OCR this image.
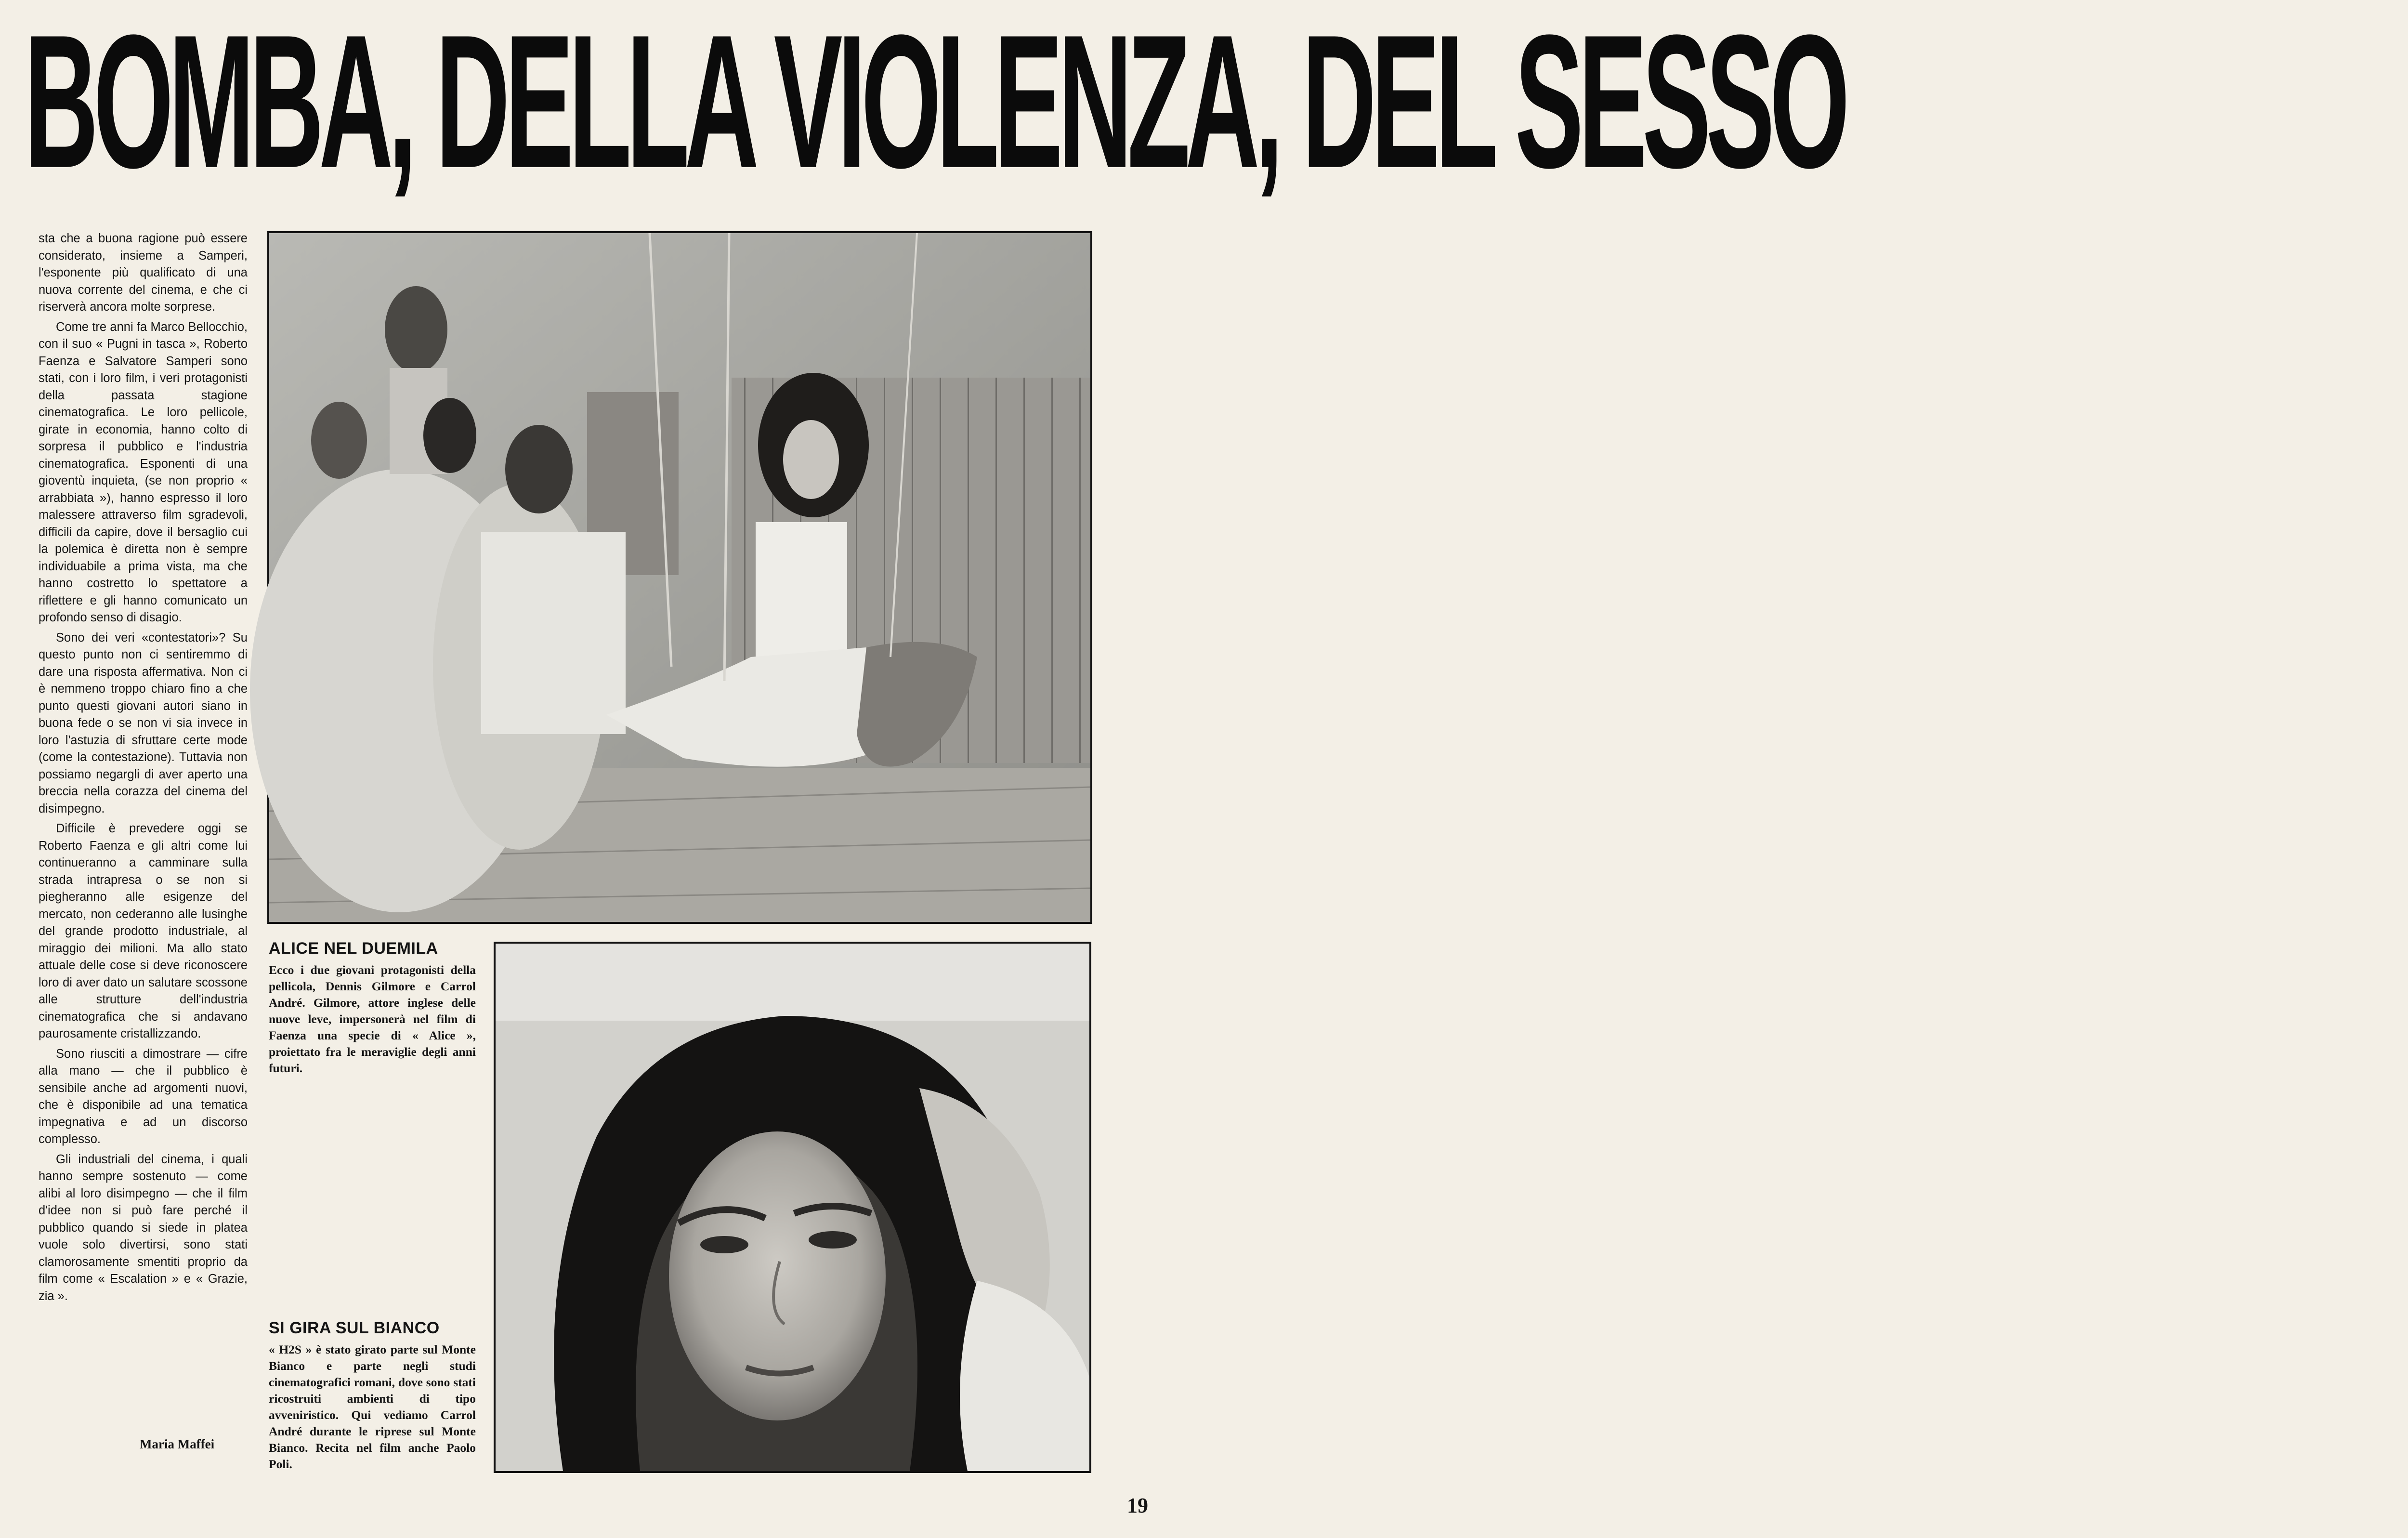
BOMBA, DELLA VIOLENZA, DEL SESSO

sta che a buona ragione può essere considerato, insieme a Samperi, l'esponente più qualificato di una nuova corrente del cinema, e che ci riserverà ancora molte sorprese.

Come tre anni fa Marco Bellocchio, con il suo « Pugni in tasca », Roberto Faenza e Salvatore Samperi sono stati, con i loro film, i veri protagonisti della passata stagione cinematografica. Le loro pellicole, girate in economia, hanno colto di sorpresa il pubblico e l'industria cinematografica. Esponenti di una gioventù inquieta, (se non proprio « arrabbiata »), hanno espresso il loro malessere attraverso film sgradevoli, difficili da capire, dove il bersaglio cui la polemica è diretta non è sempre individuabile a prima vista, ma che hanno costretto lo spettatore a riflettere e gli hanno comunicato un profondo senso di disagio.

Sono dei veri «contestatori»? Su questo punto non ci sentiremmo di dare una risposta affermativa. Non ci è nemmeno troppo chiaro fino a che punto questi giovani autori siano in buona fede o se non vi sia invece in loro l'astuzia di sfruttare certe mode (come la contestazione). Tuttavia non possiamo negargli di aver aperto una breccia nella corazza del cinema del disimpegno.

Difficile è prevedere oggi se Roberto Faenza e gli altri come lui continueranno a camminare sulla strada intrapresa o se non si piegheranno alle esigenze del mercato, non cederanno alle lusinghe del grande prodotto industriale, al miraggio dei milioni. Ma allo stato attuale delle cose si deve riconoscere loro di aver dato un salutare scossone alle strutture dell'industria cinematografica che si andavano paurosamente cristallizzando.

Sono riusciti a dimostrare — cifre alla mano — che il pubblico è sensibile anche ad argomenti nuovi, che è disponibile ad una tematica impegnativa e ad un discorso complesso.

Gli industriali del cinema, i quali hanno sempre sostenuto — come alibi al loro disimpegno — che il film d'idee non si può fare perché il pubblico quando si siede in platea vuole solo divertirsi, sono stati clamorosamente smentiti proprio da film come « Escalation » e « Grazie, zia ».

Maria Maffei
ALICE NEL DUEMILA

Ecco i due giovani protagonisti della pellicola, Dennis Gilmore e Carrol André. Gilmore, attore inglese delle nuove leve, impersonerà nel film di Faenza una specie di « Alice », proiettato fra le meraviglie degli anni futuri.

SI GIRA SUL BIANCO

« H2S » è stato girato parte sul Monte Bianco e parte negli studi cinematografici romani, dove sono stati ricostruiti ambienti di tipo avveniristico. Qui vediamo Carrol André durante le riprese sul Monte Bianco. Recita nel film anche Paolo Poli.

19
